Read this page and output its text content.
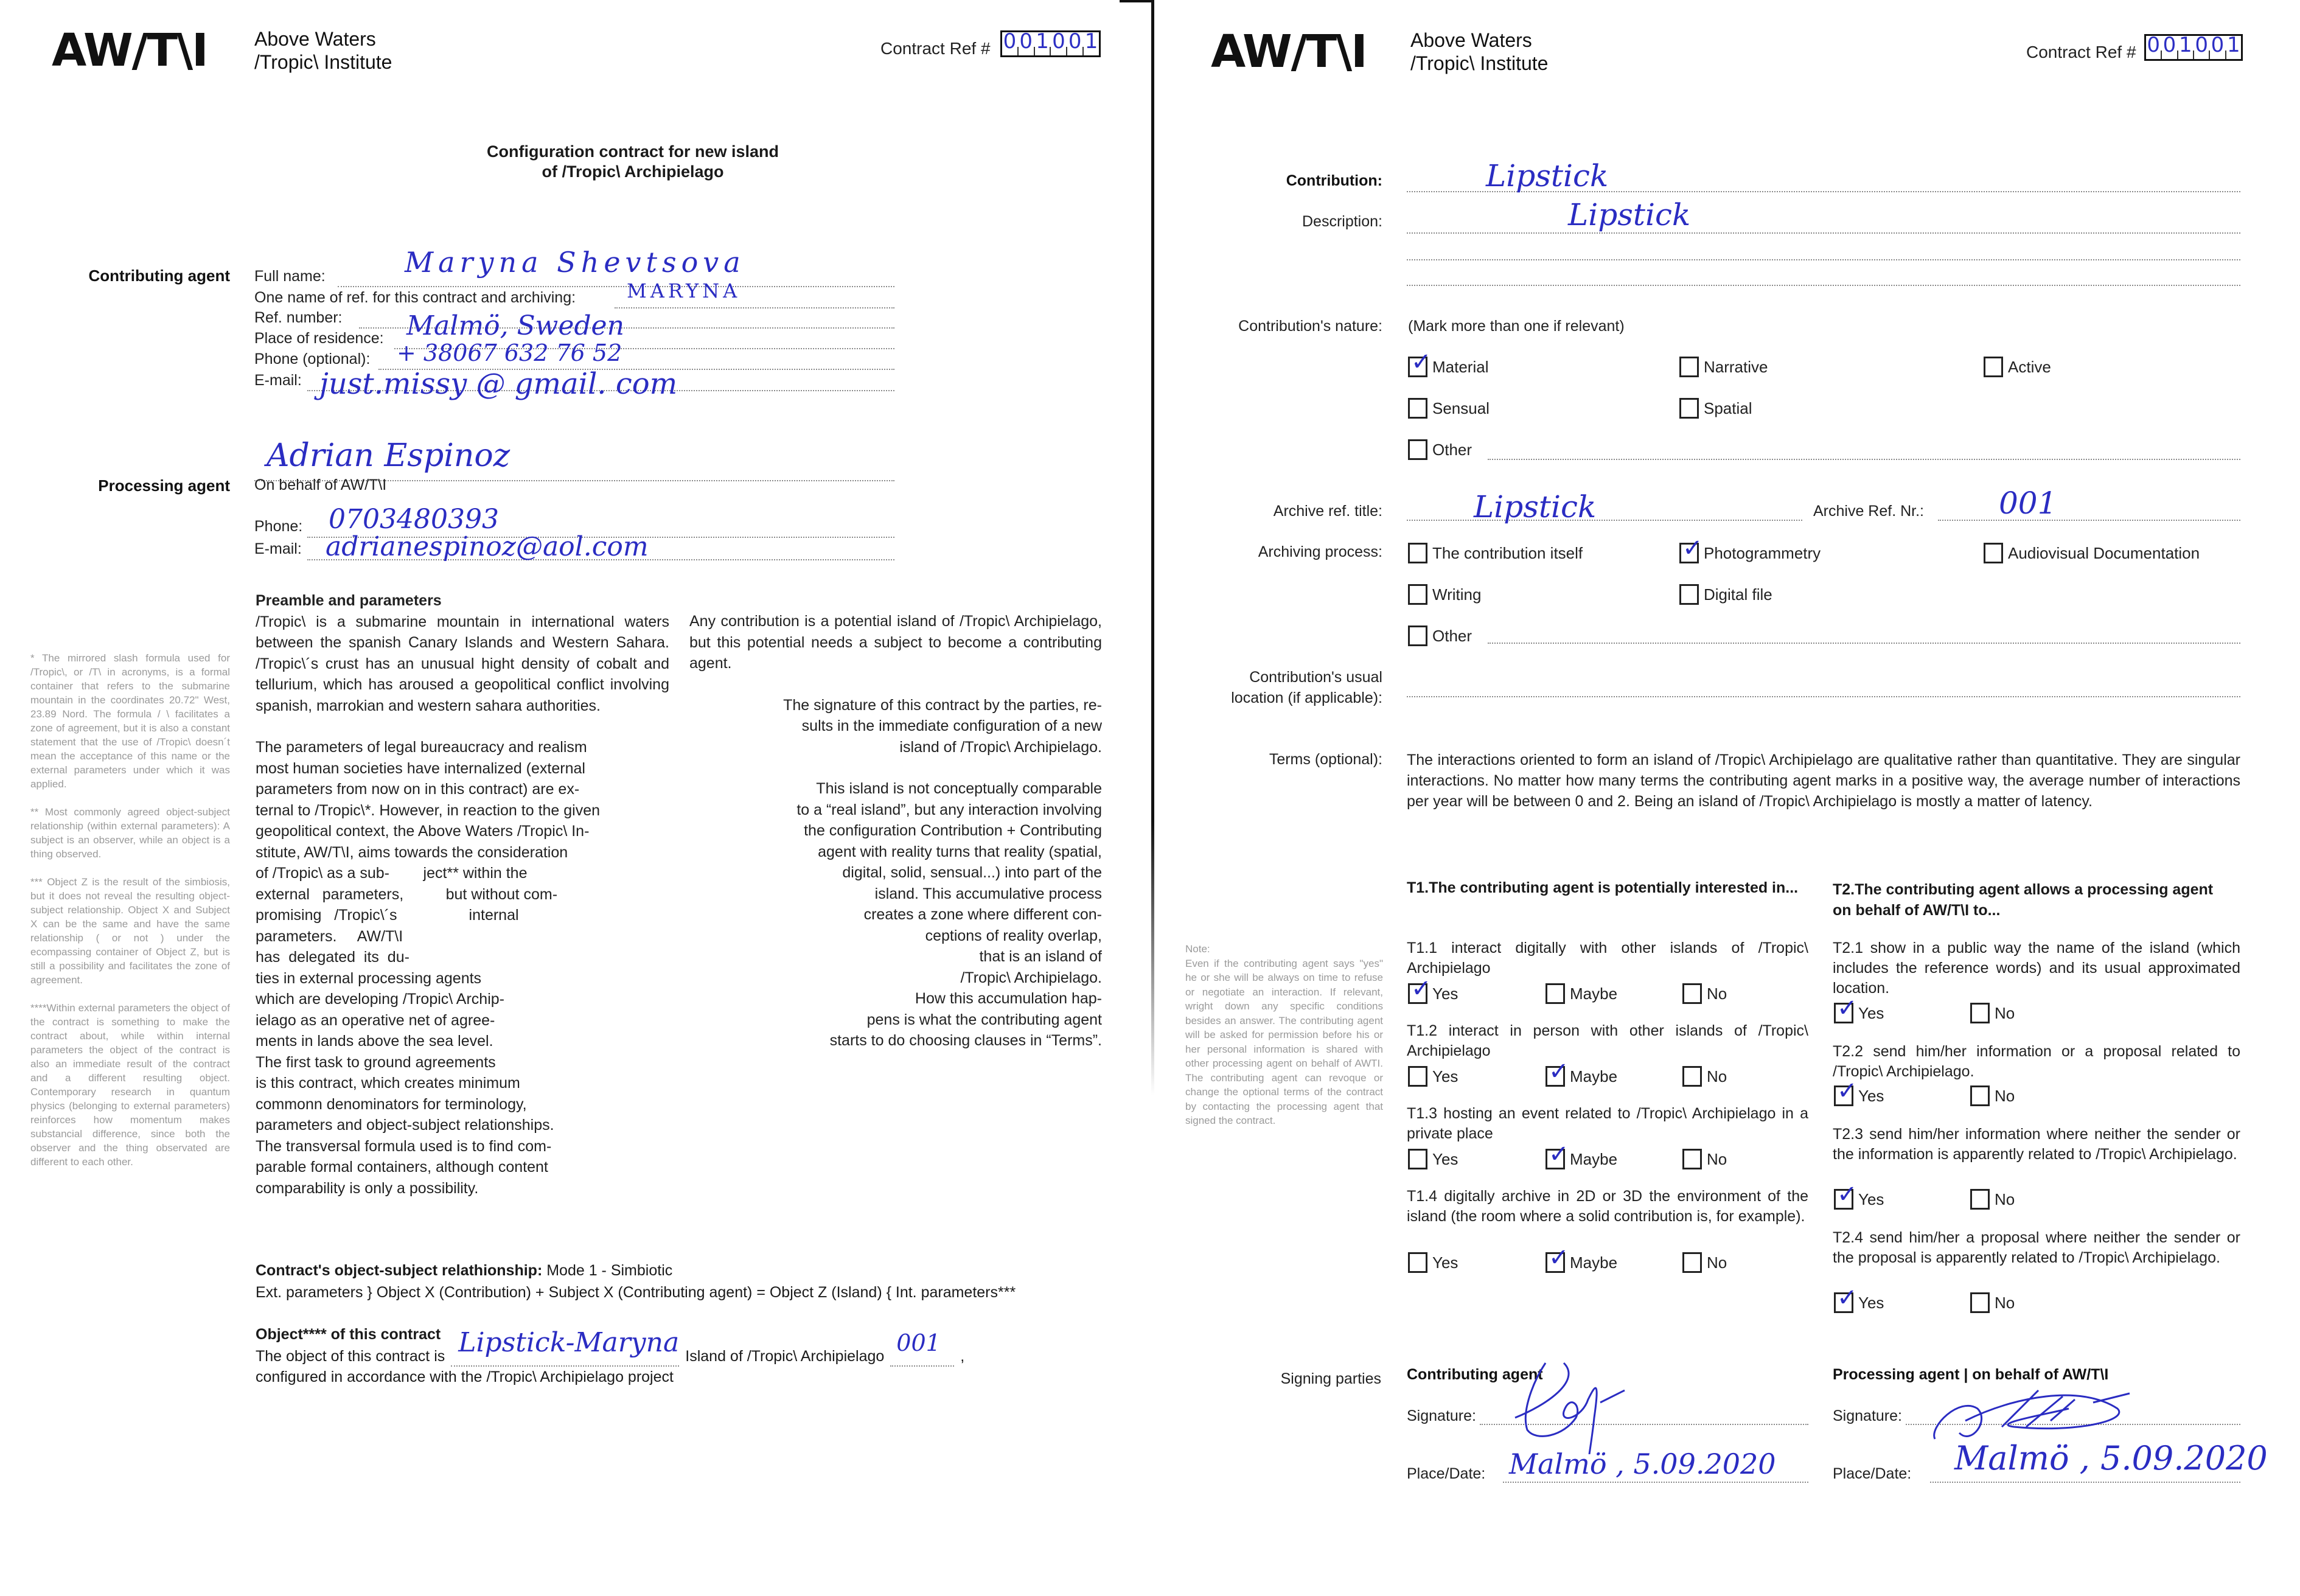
AW/T\I Above Waters
/Tropic\ Institute
Contract Ref # 0 0 1 0 0 1
Configuration contract for new island
of /Tropic\ Archipielago
Contributing agent Full name:	Maryna Shevtsova
One name of ref. for this contract and archiving:	MARYNA
Ref. number:
Place of residence: Malmö, Sweden
Phone (optional): + 38067 632 76 52
E-mail: just.missy @ gmail. com
Adrian Espinoz
Processing agent On behalf of AW/T\I
Phone: 0703480393
E-mail: adrianespinoz@aol.com
* The mirrored slash formula used for /Tropic\, or /T\ in acronyms, is a formal container that refers to the submarine mountain in the coordinates 20.72" West, 23.89 Nord. The formula / \ facilitates a zone of agreement, but it is also a constant statement that the use of /Tropic\ doesn´t mean the acceptance of this name or the external parameters under which it was applied.
** Most commonly agreed object-subject relationship (within external parameters): A subject is an observer, while an object is a thing observed.
*** Object Z is the result of the simbiosis, but it does not reveal the resulting object-subject relationship. Object X and Subject X can be the same and have the same relationship ( or not ) under the ecompassing container of Object Z, but is still a possibility and facilitates the zone of agreement.
****Within external parameters the object of the contract is something to make the contract about, while within internal parameters the object of the contract is also an immediate result of the contract and a different resulting object. Contemporary research in quantum physics (belonging to external parameters) reinforces how momentum makes substancial difference, since both the observer and the thing observated are different to each other.
Preamble and parameters
/Tropic\ is a submarine mountain in international waters between the spanish Canary Islands and Western Sahara. /Tropic\´s crust has an unusual hight density of cobalt and tellurium, which has aroused a geopolitical conflict involving spanish, marrokian and western sahara authorities.
The parameters of legal bureaucracy and realism
most human societies have internalized (external
parameters from now on in this contract) are ex-
ternal to /Tropic\*. However, in reaction to the given
geopolitical context, the Above Waters /Tropic\ In-
stitute, AW/T\I, aims towards the consideration
of /Tropic\ as a sub-        ject** within the
external   parameters,          but without com-
promising   /Tropic\´s                 internal
parameters.     AW/T\I
has  delegated  its  du-
ties in external processing agents
which are developing /Tropic\ Archip-
ielago as an operative net of agree-
ments in lands above the sea level.
The first task to ground agreements
is this contract, which creates minimum
commonn denominators for terminology,
parameters and object-subject relationships.
The transversal formula used is to find com-
parable formal containers, although content
comparability is only a possibility.
Any contribution is a potential island of /Tropic\ Archipielago, but this potential needs a subject to become a contributing agent.
The signature of this contract by the parties, re-
sults in the immediate configuration of a new
island of /Tropic\ Archipielago.
This island is not conceptually comparable
to a “real island”, but any interaction involving
the configuration Contribution + Contributing
agent with reality turns that reality (spatial,
digital, solid, sensual...) into part of the
island. This accumulative process
creates a zone where different con-
ceptions of reality overlap,
that is an island of
/Tropic\ Archipielago.
How this accumulation hap-
pens is what the contributing agent
starts to do choosing clauses in “Terms”.
Contract's object-subject relathionship: Mode 1 - Simbiotic
Ext. parameters } Object X (Contribution) + Subject X (Contributing agent) = Object Z (Island) { Int. parameters***
Object**** of this contract
The object of this contract is Lipstick-Maryna Island of /Tropic\ Archipielago 001 ,
configured in accordance with the /Tropic\ Archipielago project
AW/T\I Above Waters
/Tropic\ Institute
Contract Ref # 0 0 1 0 0 1
Contribution:	Lipstick
Description:	Lipstick
Contribution's nature: (Mark more than one if relevant)
✓ Material	Narrative	Active
Sensual	Spatial
Other
Archive ref. title:	Lipstick	Archive Ref. Nr.: 001
Archiving process:	The contribution itself	✓ Photogrammetry	Audiovisual Documentation
Writing	Digital file
Other
Contribution's usual
location (if applicable):
Terms (optional): The interactions oriented to form an island of /Tropic\ Archipielago are qualitative rather than quantitative. They are singular interactions. No matter how many terms the contributing agent marks in a positive way, the average number of interactions per year will be between 0 and 2. Being an island of /Tropic\ Archipielago is mostly a matter of latency.
Note:
Even if the contributing agent says "yes" he or she will be always on time to refuse or negotiate an interaction. If relevant, wright down any specific conditions besides an answer. The contributing agent will be asked for permission before his or her personal information is shared with other processing agent on behalf of AWTI. The contributing agent can revoque or change the optional terms of the contract by contacting the processing agent that signed the contract.
T1.The contributing agent is potentially interested in...
T1.1 interact digitally with other islands of /Tropic\ Archipielago
✓ Yes	Maybe	No
T1.2 interact in person with other islands of /Tropic\ Archipielago
Yes	✓ Maybe	No
T1.3 hosting an event related to /Tropic\ Archipielago in a private place
Yes	✓ Maybe	No
T1.4 digitally archive in 2D or 3D the environment of the island (the room where a solid contribution is, for example).
Yes	✓ Maybe	No
T2.The contributing agent allows a processing agent
on behalf of AW/T\I to...
T2.1 show in a public way the name of the island (which includes the reference words) and its usual approximated location.
✓ Yes	No
T2.2 send him/her information or a proposal related to /Tropic\ Archipielago.
✓ Yes	No
T2.3 send him/her information where neither the sender or the information is apparently related to /Tropic\ Archipielago.
✓ Yes	No
T2.4 send him/her a proposal where neither the sender or the proposal is apparently related to /Tropic\ Archipielago.
✓ Yes	No
Signing parties Contributing agent	Processing agent | on behalf of AW/T\I
Signature:	Signature:
Place/Date: Malmö , 5.09.2020	Place/Date: Malmö , 5.09.2020
